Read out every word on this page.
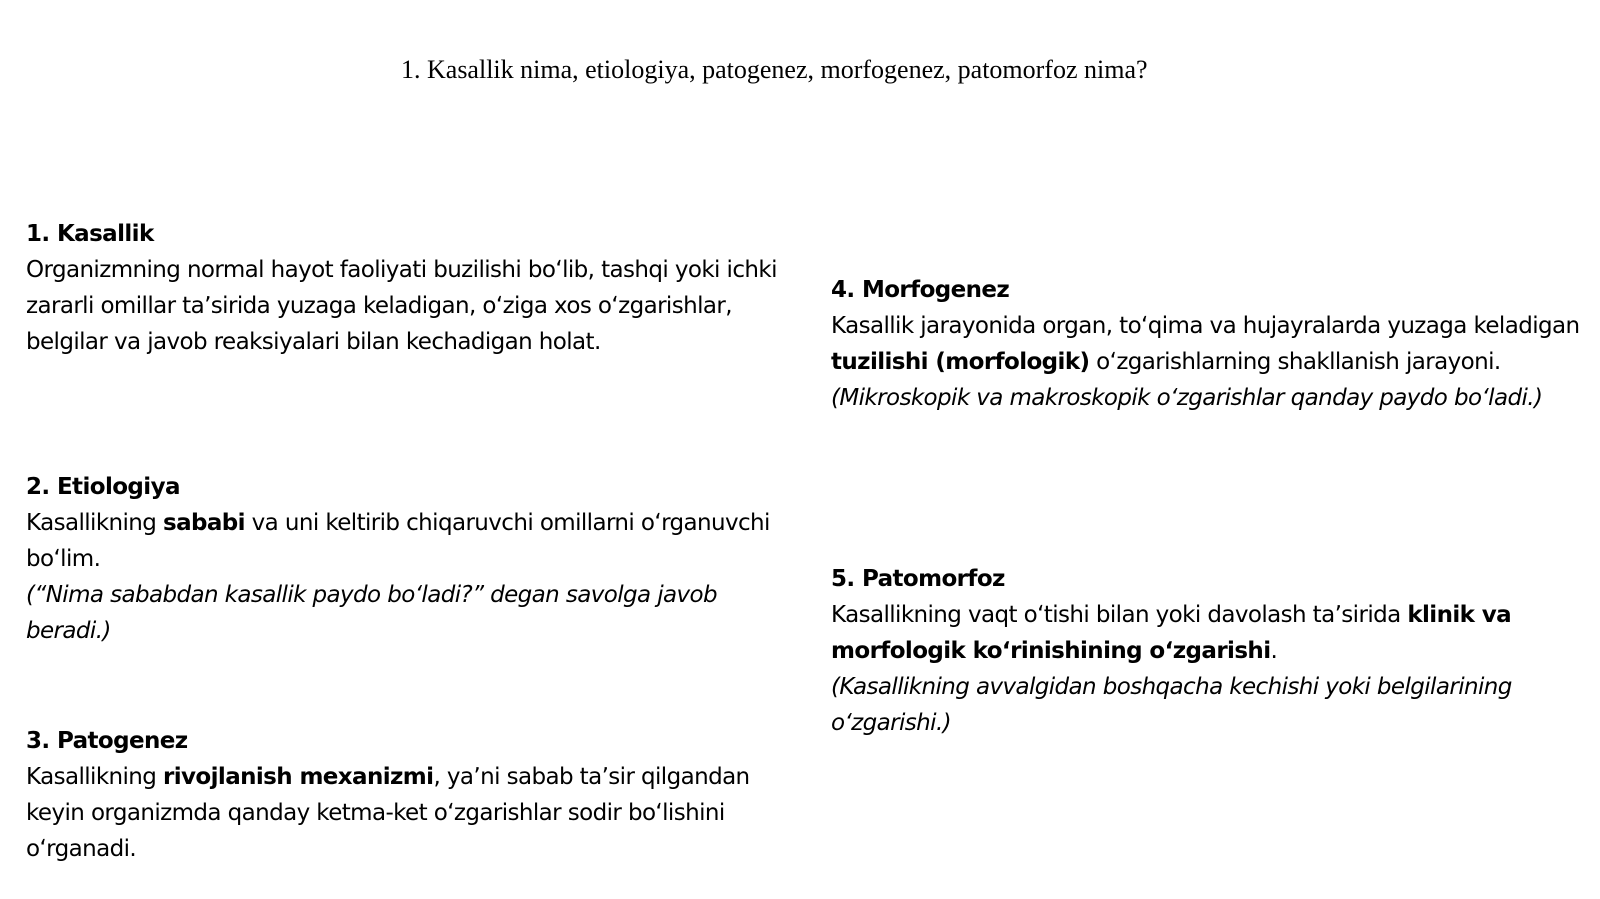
1. Kasallik nima, etiologiya, patogenez, morfogenez, patomorfoz nima?
1. Kasallik

Organizmning normal hayot faoliyati buzilishi boʻlib, tashqi yoki ichki zararli omillar taʼsirida yuzaga keladigan, oʻziga xos oʻzgarishlar, belgilar va javob reaksiyalari bilan kechadigan holat.

2. Etiologiya

Kasallikning sababi va uni keltirib chiqaruvchi omillarni oʻrganuvchi boʻlim.

(“Nima sababdan kasallik paydo boʻladi?” degan savolga javob beradi.)

3. Patogenez

Kasallikning rivojlanish mexanizmi, yaʼni sabab taʼsir qilgandan keyin organizmda qanday ketma-ket oʻzgarishlar sodir boʻlishini oʻrganadi.

4. Morfogenez

Kasallik jarayonida organ, toʻqima va hujayralarda yuzaga keladigan tuzilishi (morfologik) oʻzgarishlarning shakllanish jarayoni.

(Mikroskopik va makroskopik oʻzgarishlar qanday paydo boʻladi.)

5. Patomorfoz

Kasallikning vaqt oʻtishi bilan yoki davolash taʼsirida klinik va morfologik koʻrinishining oʻzgarishi.

(Kasallikning avvalgidan boshqacha kechishi yoki belgilarining oʻzgarishi.)
